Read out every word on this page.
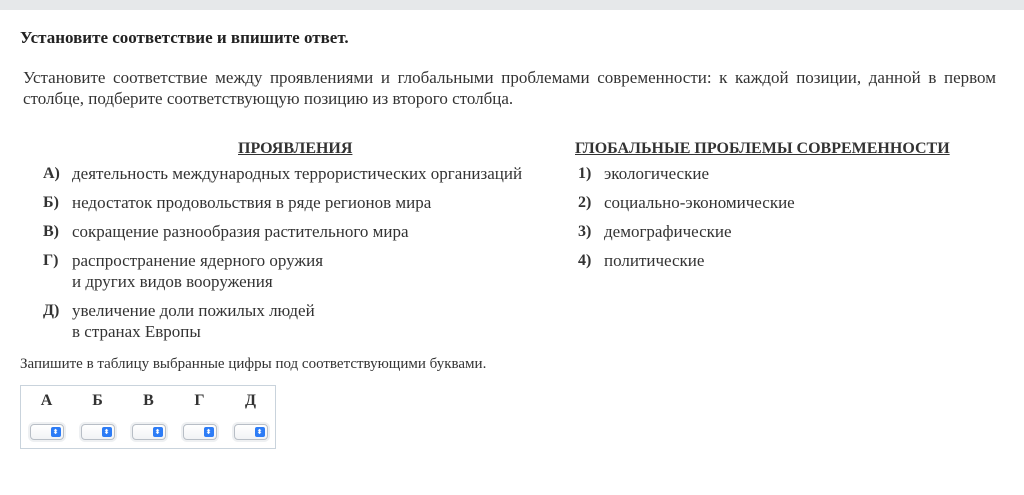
Установите соответствие и впишите ответ.
Установите соответствие между проявлениями и глобальными проблемами современности: к каждой позиции, данной в первом столбце, подберите соответствующую позицию из второго столбца.
ПРОЯВЛЕНИЯ
А) деятельность международных террористических организаций
Б) недостаток продовольствия в ряде регионов мира
В) сокращение разнообразия растительного мира
Г) распространение ядерного оружия
и других видов вооружения
Д) увеличение доли пожилых людей
в странах Европы
ГЛОБАЛЬНЫЕ ПРОБЛЕМЫ СОВРЕМЕННОСТИ
1) экологические
2) социально-экономические
3) демографические
4) политические
Запишите в таблицу выбранные цифры под соответствующими буквами.
А	Б	В	Г	Д
⬍	⬍	⬍	⬍	⬍
